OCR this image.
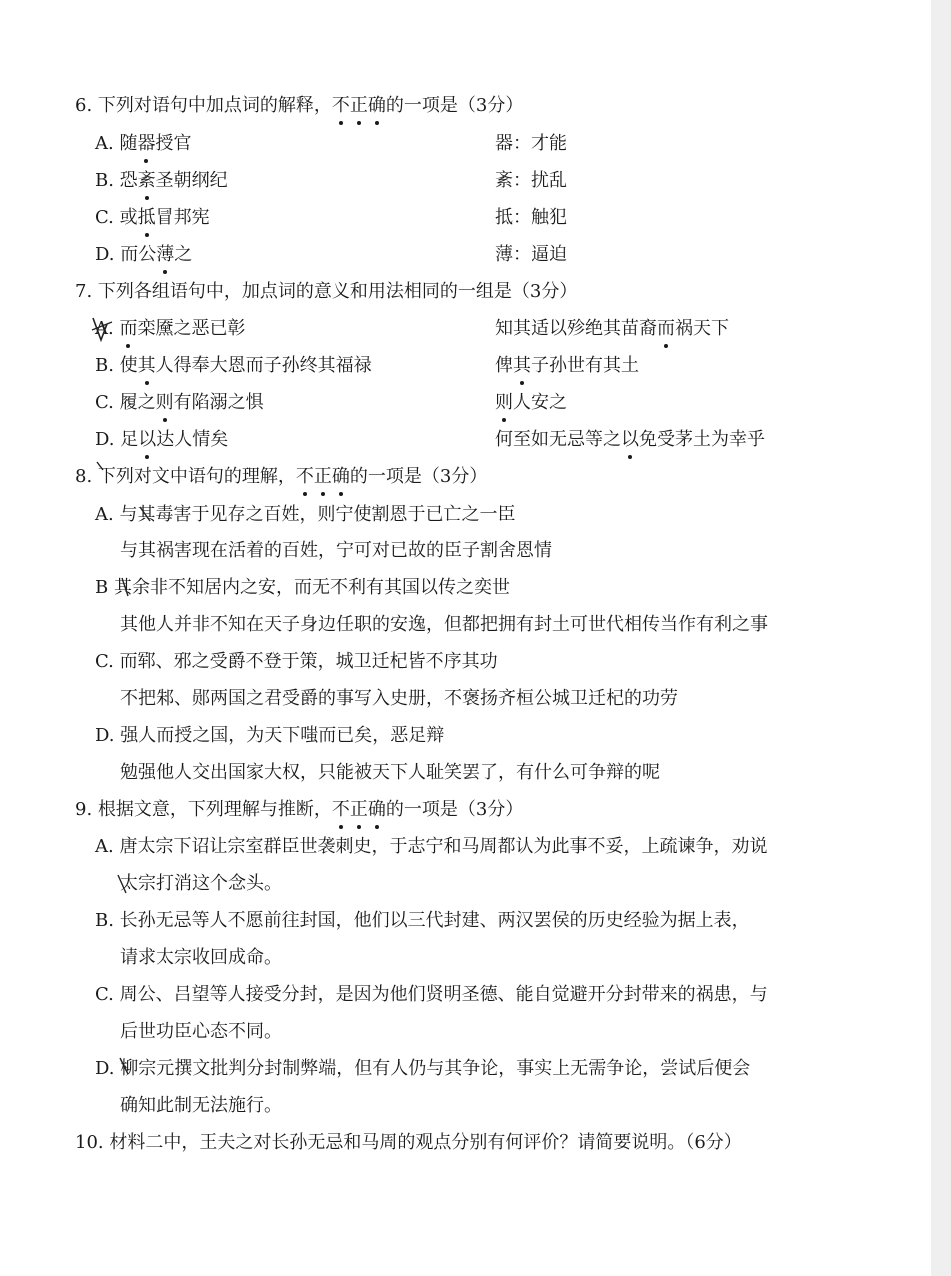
6. 下列对语句中加点词的解释，不正确的一项是（3分）
A. 随器授官	器：才能
B. 恐紊圣朝纲纪	紊：扰乱
C. 或抵冒邦宪	抵：触犯
D. 而公薄之	薄：逼迫
7. 下列各组语句中，加点词的意义和用法相同的一组是（3分）
A. 而栾黡之恶已彰	知其适以殄绝其苗裔而祸天下
B. 使其人得奉大恩而子孙终其福禄	俾其子孙世有其土
C. 履之则有陷溺之惧	则人安之
D. 足以达人情矣	何至如无忌等之以免受茅土为幸乎
8. 下列对文中语句的理解，不正确的一项是（3分）
A. 与其毒害于见存之百姓，则宁使割恩于已亡之一臣
与其祸害现在活着的百姓，宁可对已故的臣子割舍恩情
B 其余非不知居内之安，而无不利有其国以传之奕世
其他人并非不知在天子身边任职的安逸，但都把拥有封土可世代相传当作有利之事
C. 而郓、邪之受爵不登于策，城卫迁杞皆不序其功
不把邾、郧两国之君受爵的事写入史册，不褒扬齐桓公城卫迁杞的功劳
D. 强人而授之国，为天下嗤而已矣，恶足辩
勉强他人交出国家大权，只能被天下人耻笑罢了，有什么可争辩的呢
9. 根据文意，下列理解与推断，不正确的一项是（3分）
A. 唐太宗下诏让宗室群臣世袭刺史，于志宁和马周都认为此事不妥，上疏谏争，劝说
太宗打消这个念头。
B. 长孙无忌等人不愿前往封国，他们以三代封建、两汉罢侯的历史经验为据上表，
请求太宗收回成命。
C. 周公、吕望等人接受分封，是因为他们贤明圣德、能自觉避开分封带来的祸患，与
后世功臣心态不同。
D. 柳宗元撰文批判分封制弊端，但有人仍与其争论，事实上无需争论，尝试后便会
确知此制无法施行。
10. 材料二中，王夫之对长孙无忌和马周的观点分别有何评价？请简要说明。（6分）
